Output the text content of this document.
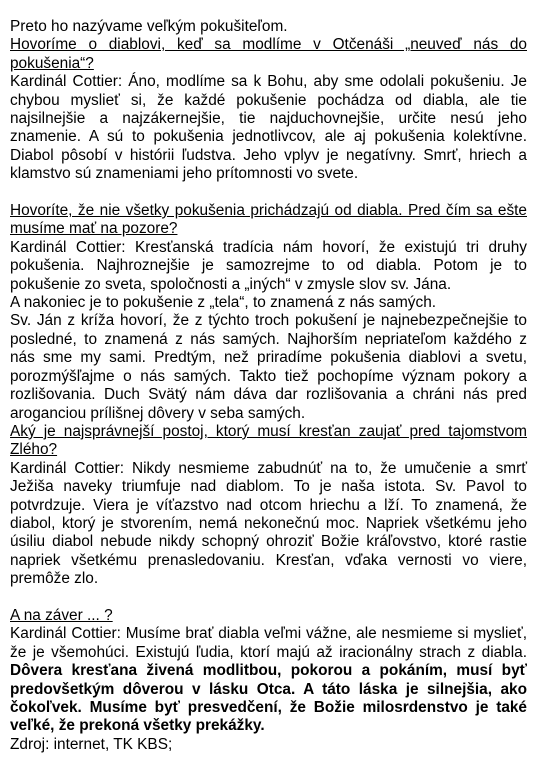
Preto ho nazývame veľkým pokušiteľom.

Hovoríme o diablovi, keď sa modlíme v Otčenáši „neuveď nás do pokušenia“?

Kardinál Cottier: Áno, modlíme sa k Bohu, aby sme odolali pokušeniu. Je chybou myslieť si, že každé pokušenie pochádza od diabla, ale tie najsilnejšie a najzákernejšie, tie najduchovnejšie, určite nesú jeho znamenie. A sú to pokušenia jednotlivcov, ale aj pokušenia kolektívne. Diabol pôsobí v histórii ľudstva. Jeho vplyv je negatívny. Smrť, hriech a klamstvo sú znameniami jeho prítomnosti vo svete.

Hovoríte, že nie všetky pokušenia prichádzajú od diabla. Pred čím sa ešte musíme mať na pozore?

Kardinál Cottier: Kresťanská tradícia nám hovorí, že existujú tri druhy pokušenia. Najhroznejšie je samozrejme to od diabla. Potom je to pokušenie zo sveta, spoločnosti a „iných“ v zmysle slov sv. Jána.

A nakoniec je to pokušenie z „tela“, to znamená z nás samých.

Sv. Ján z kríža hovorí, že z týchto troch pokušení je najnebezpečnejšie to posledné, to znamená z nás samých. Najhorším nepriateľom každého z nás sme my sami. Predtým, než priradíme pokušenia diablovi a svetu, porozmýšľajme o nás samých. Takto tiež pochopíme význam pokory a rozlišovania. Duch Svätý nám dáva dar rozlišovania a chráni nás pred aroganciou prílišnej dôvery v seba samých.

Aký je najsprávnejší postoj, ktorý musí kresťan zaujať pred tajomstvom Zlého?

Kardinál Cottier: Nikdy nesmieme zabudnúť na to, že umučenie a smrť Ježiša naveky triumfuje nad diablom. To je naša istota. Sv. Pavol to potvrdzuje. Viera je víťazstvo nad otcom hriechu a lží. To znamená, že diabol, ktorý je stvorením, nemá nekonečnú moc. Napriek všetkému jeho úsiliu diabol nebude nikdy schopný ohroziť Božie kráľovstvo, ktoré rastie napriek všetkému prenasledovaniu. Kresťan, vďaka vernosti vo viere, premôže zlo.

A na záver ... ?

Kardinál Cottier: Musíme brať diabla veľmi vážne, ale nesmieme si myslieť, že je všemohúci. Existujú ľudia, ktorí majú až iracionálny strach z diabla. Dôvera kresťana živená modlitbou, pokorou a pokáním, musí byť predovšetkým dôverou v lásku Otca. A táto láska je silnejšia, ako čokoľvek. Musíme byť presvedčení, že Božie milosrdenstvo je také veľké, že prekoná všetky prekážky.

Zdroj: internet, TK KBS;
